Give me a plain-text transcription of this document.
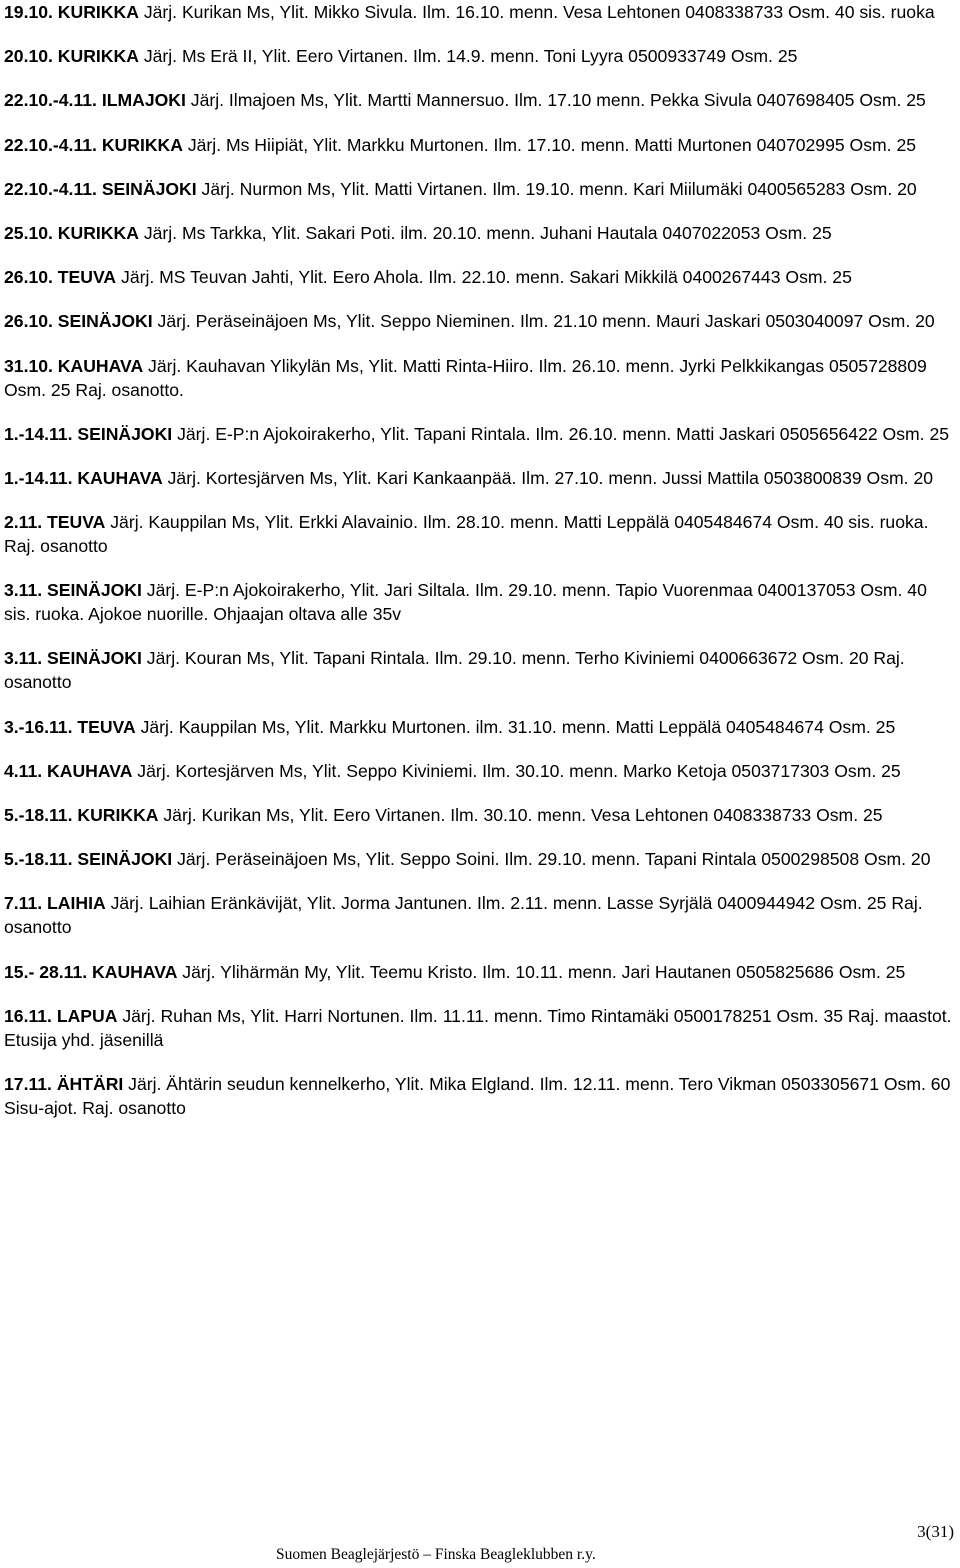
19.10. KURIKKA Järj. Kurikan Ms, Ylit. Mikko Sivula. Ilm. 16.10. menn. Vesa Lehtonen 0408338733 Osm. 40 sis. ruoka

20.10. KURIKKA Järj. Ms Erä II, Ylit. Eero Virtanen. Ilm. 14.9. menn. Toni Lyyra 0500933749 Osm. 25

22.10.-4.11. ILMAJOKI Järj. Ilmajoen Ms, Ylit. Martti Mannersuo. Ilm. 17.10 menn. Pekka Sivula 0407698405 Osm. 25

22.10.-4.11. KURIKKA Järj. Ms Hiipiät, Ylit. Markku Murtonen. Ilm. 17.10. menn. Matti Murtonen 040702995 Osm. 25

22.10.-4.11. SEINÄJOKI Järj. Nurmon Ms, Ylit. Matti Virtanen. Ilm. 19.10. menn. Kari Miilumäki 0400565283 Osm. 20

25.10. KURIKKA Järj. Ms Tarkka, Ylit. Sakari Poti. ilm. 20.10. menn. Juhani Hautala 0407022053 Osm. 25

26.10. TEUVA Järj. MS Teuvan Jahti, Ylit. Eero Ahola. Ilm. 22.10. menn. Sakari Mikkilä 0400267443 Osm. 25

26.10. SEINÄJOKI Järj. Peräseinäjoen Ms, Ylit. Seppo Nieminen. Ilm. 21.10 menn. Mauri Jaskari 0503040097 Osm. 20

31.10. KAUHAVA Järj. Kauhavan Ylikylän Ms, Ylit. Matti Rinta-Hiiro. Ilm. 26.10. menn. Jyrki Pelkkikangas 0505728809 Osm. 25 Raj. osanotto.

1.-14.11. SEINÄJOKI Järj. E-P:n Ajokoirakerho, Ylit. Tapani Rintala. Ilm. 26.10. menn. Matti Jaskari 0505656422 Osm. 25

1.-14.11. KAUHAVA Järj. Kortesjärven Ms, Ylit. Kari Kankaanpää. Ilm. 27.10. menn. Jussi Mattila 0503800839 Osm. 20

2.11. TEUVA Järj. Kauppilan Ms, Ylit. Erkki Alavainio. Ilm. 28.10. menn. Matti Leppälä 0405484674 Osm. 40 sis. ruoka. Raj. osanotto

3.11. SEINÄJOKI Järj. E-P:n Ajokoirakerho, Ylit. Jari Siltala. Ilm. 29.10. menn. Tapio Vuorenmaa 0400137053 Osm. 40 sis. ruoka. Ajokoe nuorille. Ohjaajan oltava alle 35v

3.11. SEINÄJOKI Järj. Kouran Ms, Ylit. Tapani Rintala. Ilm. 29.10. menn. Terho Kiviniemi 0400663672 Osm. 20 Raj. osanotto

3.-16.11. TEUVA Järj. Kauppilan Ms, Ylit. Markku Murtonen. ilm. 31.10. menn. Matti Leppälä 0405484674 Osm. 25

4.11. KAUHAVA Järj. Kortesjärven Ms, Ylit. Seppo Kiviniemi. Ilm. 30.10. menn. Marko Ketoja 0503717303 Osm. 25

5.-18.11. KURIKKA Järj. Kurikan Ms, Ylit. Eero Virtanen. Ilm. 30.10. menn. Vesa Lehtonen 0408338733 Osm. 25

5.-18.11. SEINÄJOKI Järj. Peräseinäjoen Ms, Ylit. Seppo Soini. Ilm. 29.10. menn. Tapani Rintala 0500298508 Osm. 20

7.11. LAIHIA Järj. Laihian Eränkävijät, Ylit. Jorma Jantunen. Ilm. 2.11. menn. Lasse Syrjälä 0400944942 Osm. 25 Raj. osanotto

15.- 28.11. KAUHAVA Järj. Ylihärmän My, Ylit. Teemu Kristo. Ilm. 10.11. menn. Jari Hautanen 0505825686 Osm. 25

16.11. LAPUA Järj. Ruhan Ms, Ylit. Harri Nortunen. Ilm. 11.11. menn. Timo Rintamäki 0500178251 Osm. 35 Raj. maastot. Etusija yhd. jäsenillä

17.11. ÄHTÄRI Järj. Ähtärin seudun kennelkerho, Ylit. Mika Elgland. Ilm. 12.11. menn. Tero Vikman 0503305671 Osm. 60 Sisu-ajot. Raj. osanotto

3(31)
Suomen Beaglejärjestö – Finska Beagleklubben r.y.
